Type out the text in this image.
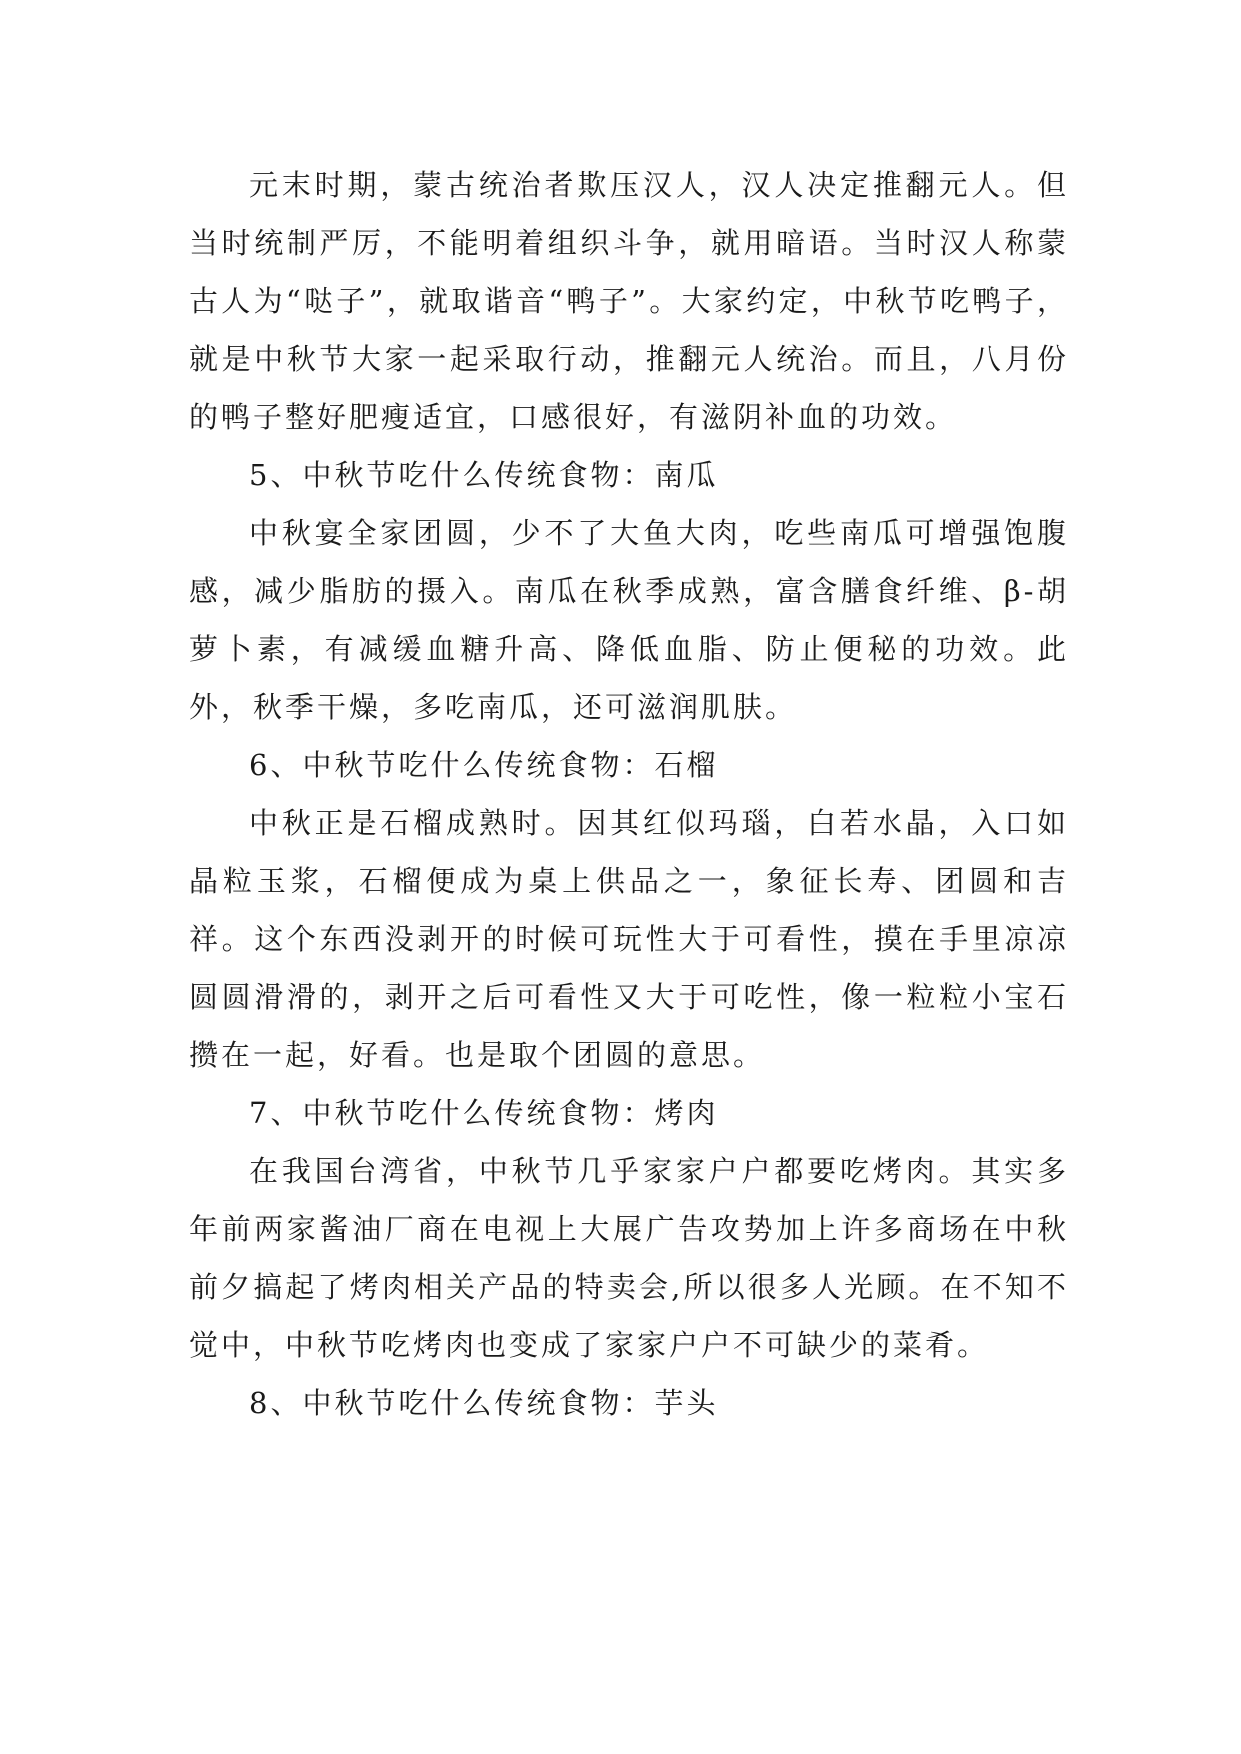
元末时期，蒙古统治者欺压汉人，汉人决定推翻元人。但当时统制严厉，不能明着组织斗争，就用暗语。当时汉人称蒙古人为“哒子”，就取谐音“鸭子”。大家约定，中秋节吃鸭子，就是中秋节大家一起采取行动，推翻元人统治。而且，八月份的鸭子整好肥瘦适宜，口感很好，有滋阴补血的功效。

5、中秋节吃什么传统食物：南瓜

中秋宴全家团圆，少不了大鱼大肉，吃些南瓜可增强饱腹感，减少脂肪的摄入。南瓜在秋季成熟，富含膳食纤维、β-胡萝卜素，有减缓血糖升高、降低血脂、防止便秘的功效。此外，秋季干燥，多吃南瓜，还可滋润肌肤。

6、中秋节吃什么传统食物：石榴

中秋正是石榴成熟时。因其红似玛瑙，白若水晶，入口如晶粒玉浆，石榴便成为桌上供品之一，象征长寿、团圆和吉祥。这个东西没剥开的时候可玩性大于可看性，摸在手里凉凉圆圆滑滑的，剥开之后可看性又大于可吃性，像一粒粒小宝石攒在一起，好看。也是取个团圆的意思。

7、中秋节吃什么传统食物：烤肉

在我国台湾省，中秋节几乎家家户户都要吃烤肉。其实多年前两家酱油厂商在电视上大展广告攻势加上许多商场在中秋前夕搞起了烤肉相关产品的特卖会,所以很多人光顾。在不知不觉中，中秋节吃烤肉也变成了家家户户不可缺少的菜肴。

8、中秋节吃什么传统食物：芋头
